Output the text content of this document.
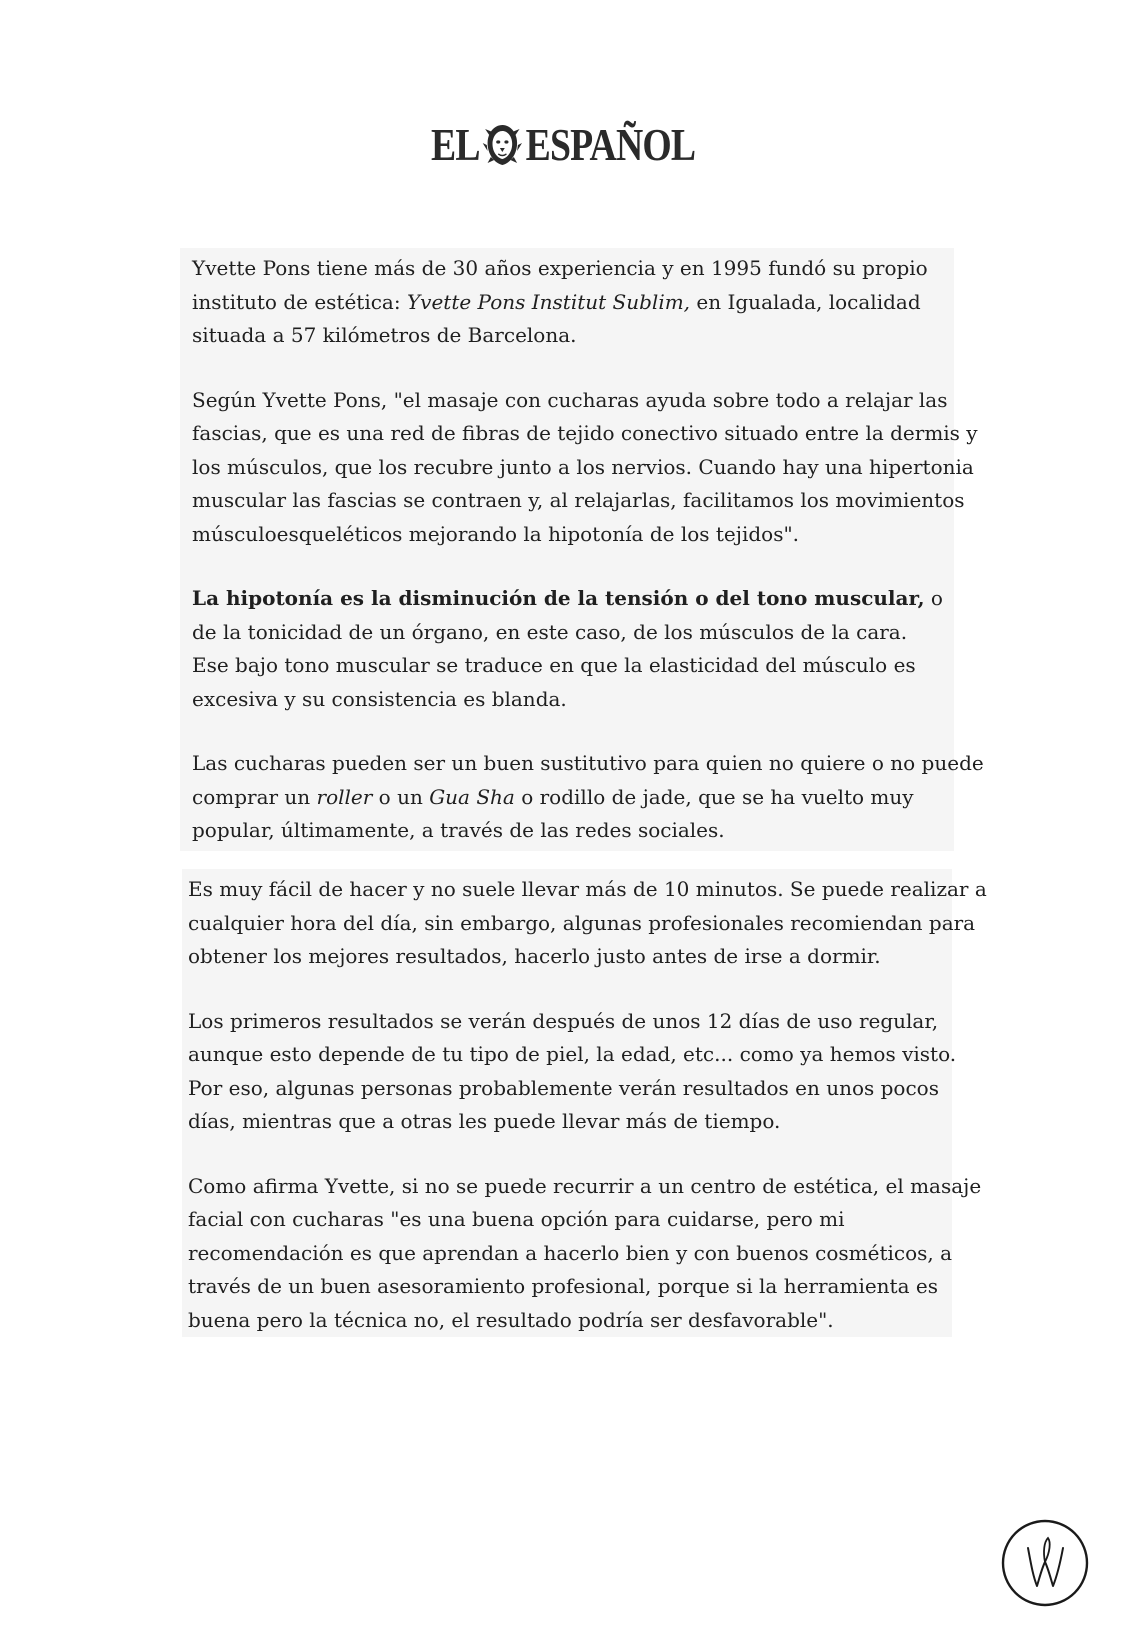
EL ESPAÑOL

Yvette Pons tiene más de 30 años experiencia y en 1995 fundó su propio
instituto de estética: Yvette Pons Institut Sublim, en Igualada, localidad
situada a 57 kilómetros de Barcelona.

Según Yvette Pons, "el masaje con cucharas ayuda sobre todo a relajar las
fascias, que es una red de fibras de tejido conectivo situado entre la dermis y
los músculos, que los recubre junto a los nervios. Cuando hay una hipertonia
muscular las fascias se contraen y, al relajarlas, facilitamos los movimientos
músculoesqueléticos mejorando la hipotonía de los tejidos".

La hipotonía es la disminución de la tensión o del tono muscular, o
de la tonicidad de un órgano, en este caso, de los músculos de la cara.
Ese bajo tono muscular se traduce en que la elasticidad del músculo es
excesiva y su consistencia es blanda.

Las cucharas pueden ser un buen sustitutivo para quien no quiere o no puede
comprar un roller o un Gua Sha o rodillo de jade, que se ha vuelto muy
popular, últimamente, a través de las redes sociales.

Es muy fácil de hacer y no suele llevar más de 10 minutos. Se puede realizar a
cualquier hora del día, sin embargo, algunas profesionales recomiendan para
obtener los mejores resultados, hacerlo justo antes de irse a dormir.

Los primeros resultados se verán después de unos 12 días de uso regular,
aunque esto depende de tu tipo de piel, la edad, etc... como ya hemos visto.
Por eso, algunas personas probablemente verán resultados en unos pocos
días, mientras que a otras les puede llevar más de tiempo.

Como afirma Yvette, si no se puede recurrir a un centro de estética, el masaje
facial con cucharas "es una buena opción para cuidarse, pero mi
recomendación es que aprendan a hacerlo bien y con buenos cosméticos, a
través de un buen asesoramiento profesional, porque si la herramienta es
buena pero la técnica no, el resultado podría ser desfavorable".
